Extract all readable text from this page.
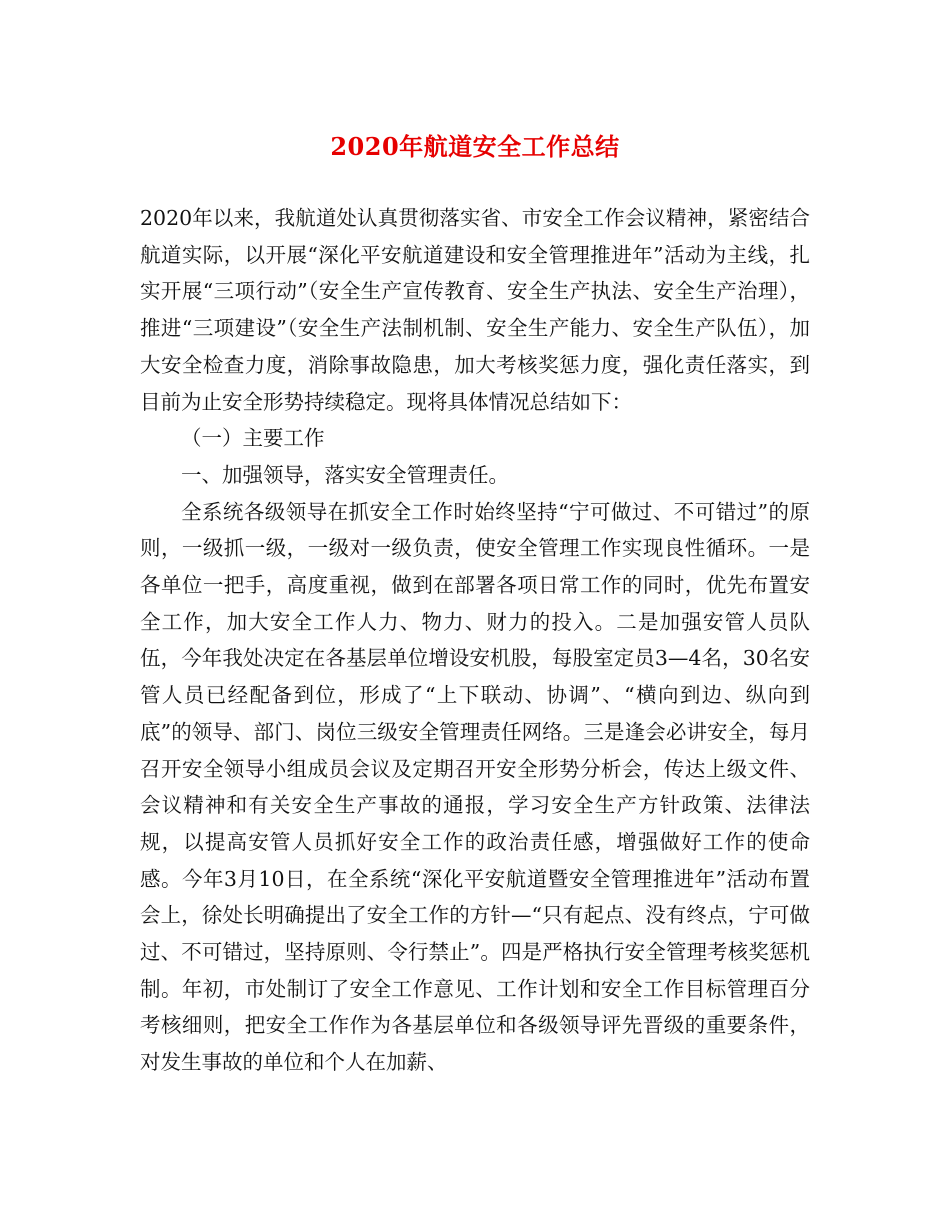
2020年航道安全工作总结

2020年以来，我航道处认真贯彻落实省、市安全工作会议精神，紧密结合航道实际，以开展“深化平安航道建设和安全管理推进年”活动为主线，扎实开展“三项行动”（安全生产宣传教育、安全生产执法、安全生产治理），推进“三项建设”（安全生产法制机制、安全生产能力、安全生产队伍），加大安全检查力度，消除事故隐患，加大考核奖惩力度，强化责任落实，到目前为止安全形势持续稳定。现将具体情况总结如下：

（一）主要工作

一、加强领导，落实安全管理责任。

全系统各级领导在抓安全工作时始终坚持“宁可做过、不可错过”的原则，一级抓一级，一级对一级负责，使安全管理工作实现良性循环。一是各单位一把手，高度重视，做到在部署各项日常工作的同时，优先布置安全工作，加大安全工作人力、物力、财力的投入。二是加强安管人员队伍，今年我处决定在各基层单位增设安机股，每股室定员3—4名，30名安管人员已经配备到位，形成了“上下联动、协调”、“横向到边、纵向到底”的领导、部门、岗位三级安全管理责任网络。三是逢会必讲安全，每月召开安全领导小组成员会议及定期召开安全形势分析会，传达上级文件、会议精神和有关安全生产事故的通报，学习安全生产方针政策、法律法规，以提高安管人员抓好安全工作的政治责任感，增强做好工作的使命感。今年3月10日，在全系统“深化平安航道暨安全管理推进年”活动布置会上，徐处长明确提出了安全工作的方针—“只有起点、没有终点，宁可做过、不可错过，坚持原则、令行禁止”。四是严格执行安全管理考核奖惩机制。年初，市处制订了安全工作意见、工作计划和安全工作目标管理百分考核细则，把安全工作作为各基层单位和各级领导评先晋级的重要条件，对发生事故的单位和个人在加薪、
